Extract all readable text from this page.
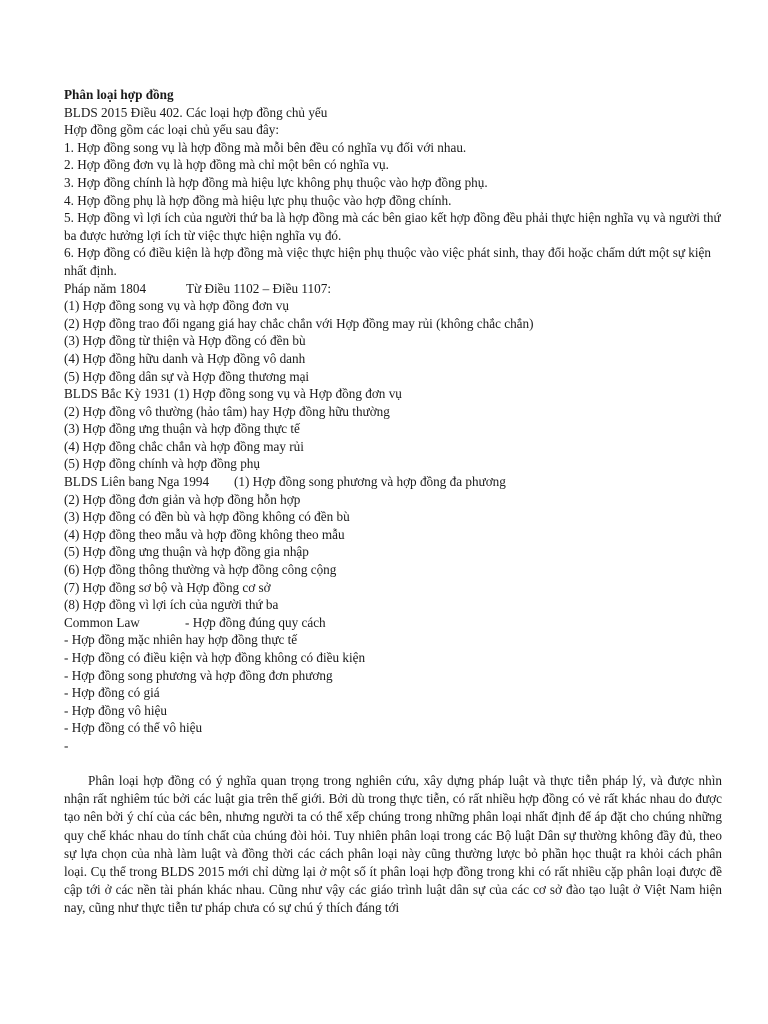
Phân loại hợp đồng
BLDS 2015 Điều 402. Các loại hợp đồng chủ yếu
Hợp đồng gồm các loại chủ yếu sau đây:
1. Hợp đồng song vụ là hợp đồng mà mỗi bên đều có nghĩa vụ đối với nhau.
2. Hợp đồng đơn vụ là hợp đồng mà chỉ một bên có nghĩa vụ.
3. Hợp đồng chính là hợp đồng mà hiệu lực không phụ thuộc vào hợp đồng phụ.
4. Hợp đồng phụ là hợp đồng mà hiệu lực phụ thuộc vào hợp đồng chính.
5. Hợp đồng vì lợi ích của người thứ ba là hợp đồng mà các bên giao kết hợp đồng đều phải thực hiện nghĩa vụ và người thứ ba được hưởng lợi ích từ việc thực hiện nghĩa vụ đó.
6. Hợp đồng có điều kiện là hợp đồng mà việc thực hiện phụ thuộc vào việc phát sinh, thay đổi hoặc chấm dứt một sự kiện nhất định.
Pháp năm 1804	Từ Điều 1102 – Điều 1107:
(1) Hợp đồng song vụ và hợp đồng đơn vụ
(2) Hợp đồng trao đổi ngang giá hay chắc chắn với Hợp đồng may rủi (không chắc chắn)
(3) Hợp đồng từ thiện và Hợp đồng có đền bù
(4) Hợp đồng hữu danh và Hợp đồng vô danh
(5) Hợp đồng dân sự và Hợp đồng thương mại
BLDS Bắc Kỳ 1931 (1) Hợp đồng song vụ và Hợp đồng đơn vụ
(2) Hợp đồng vô thường (hảo tâm) hay Hợp đồng hữu thường
(3) Hợp đồng ưng thuận và hợp đồng thực tế
(4) Hợp đồng chắc chắn và hợp đồng may rủi
(5) Hợp đồng chính và hợp đồng phụ
BLDS Liên bang Nga 1994 (1) Hợp đồng song phương và hợp đồng đa phương
(2) Hợp đồng đơn giản và hợp đồng hỗn hợp
(3) Hợp đồng có đền bù và hợp đồng không có đền bù
(4) Hợp đồng theo mẫu và hợp đồng không theo mẫu
(5) Hợp đồng ưng thuận và hợp đồng gia nhập
(6) Hợp đồng thông thường và hợp đồng công cộng
(7) Hợp đồng sơ bộ và Hợp đồng cơ sở
(8) Hợp đồng vì lợi ích của người thứ ba
Common Law	- Hợp đồng đúng quy cách
- Hợp đồng mặc nhiên hay hợp đồng thực tế
- Hợp đồng có điều kiện và hợp đồng không có điều kiện
- Hợp đồng song phương và hợp đồng đơn phương
- Hợp đồng có giá
- Hợp đồng vô hiệu
- Hợp đồng có thể vô hiệu
-
Phân loại hợp đồng có ý nghĩa quan trọng trong nghiên cứu, xây dựng pháp luật và thực tiễn pháp lý, và được nhìn nhận rất nghiêm túc bởi các luật gia trên thế giới. Bởi dù trong thực tiễn, có rất nhiều hợp đồng có vẻ rất khác nhau do được tạo nên bởi ý chí của các bên, nhưng người ta có thể xếp chúng trong những phân loại nhất định để áp đặt cho chúng những quy chế khác nhau do tính chất của chúng đòi hỏi. Tuy nhiên phân loại trong các Bộ luật Dân sự thường không đầy đủ, theo sự lựa chọn của nhà làm luật và đồng thời các cách phân loại này cũng thường lược bỏ phần học thuật ra khỏi cách phân loại. Cụ thể trong BLDS 2015 mới chỉ dừng lại ở một số ít phân loại hợp đồng trong khi có rất nhiều cặp phân loại được đề cập tới ở các nền tài phán khác nhau. Cũng như vậy các giáo trình luật dân sự của các cơ sở đào tạo luật ở Việt Nam hiện nay, cũng như thực tiễn tư pháp chưa có sự chú ý thích đáng tới
